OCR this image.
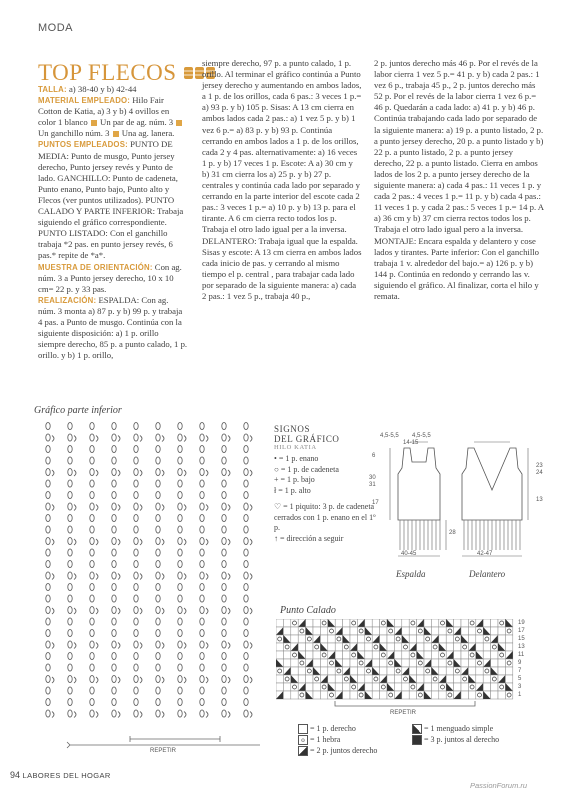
MODA
TOP FLECOS

TALLA: a) 38-40 y b) 42-44

MATERIAL EMPLEADO: Hilo Fair Cotton de Katia, a) 3 y b) 4 ovillos en color 1 blanco  Un par de ag. núm. 3  Un ganchillo núm. 3  Una ag. lanera.

PUNTOS EMPLEADOS: PUNTO DE MEDIA: Punto de musgo, Punto jersey derecho, Punto jersey revés y Punto de lado. GANCHILLO: Punto de cadeneta, Punto enano, Punto bajo, Punto alto y Flecos (ver puntos utilizados). PUNTO CALADO Y PARTE INFERIOR: Trabaja siguiendo el gráfico correspondiente. PUNTO LISTADO: Con el ganchillo trabaja *2 pas. en punto jersey revés, 6 pas.* repite de *a*.

MUESTRA DE ORIENTACIÓN: Con ag. núm. 3 a Punto jersey derecho, 10 x 10 cm= 22 p. y 33 pas.

REALIZACIÓN: ESPALDA: Con ag. núm. 3 monta a) 87 p. y b) 99 p. y trabaja 4 pas. a Punto de musgo. Continúa con la siguiente disposición: a) 1 p. orillo siempre derecho, 85 p. a punto calado, 1 p. orillo. y b) 1 p. orillo,

siempre derecho, 97 p. a punto calado, 1 p. orillo. Al terminar el gráfico continúa a Punto jersey derecho y aumentando en ambos lados, a 1 p. de los orillos, cada 6 pas.: 3 veces 1 p.= a) 93 p. y b) 105 p. Sisas: A 13 cm cierra en ambos lados cada 2 pas.: a) 1 vez 5 p. y b) 1 vez 6 p.= a) 83 p. y b) 93 p. Continúa cerrando en ambos lados a 1 p. de los orillos, cada 2 y 4 pas. alternativamente: a) 16 veces 1 p. y b) 17 veces 1 p. Escote: A a) 30 cm y b) 31 cm cierra los a) 25 p. y b) 27 p. centrales y continúa cada lado por separado y cerrando en la parte interior del escote cada 2 pas.: 3 veces 1 p.= a) 10 p. y b) 13 p. para el tirante. A 6 cm cierra recto todos los p. Trabaja el otro lado igual per a la inversa. DELANTERO: Trabaja igual que la espalda. Sisas y escote: A 13 cm cierra en ambos lados cada inicio de pas. y cerrando al mismo tiempo el p. central , para trabajar cada lado por separado de la siguiente manera: a) cada 2 pas.: 1 vez 5 p., trabaja 40 p.,
2 p. juntos derecho más 46 p. Por el revés de la labor cierra 1 vez 5 p.= 41 p. y b) cada 2 pas.: 1 vez 6 p., trabaja 45 p., 2 p. juntos derecho más 52 p. Por el revés de la labor cierra 1 vez 6 p.= 46 p. Quedarán a cada lado: a) 41 p. y b) 46 p. Continúa trabajando cada lado por separado de la siguiente manera: a) 19 p. a punto listado, 2 p. a punto jersey derecho, 20 p. a punto listado y b) 22 p. a punto listado, 2 p. a punto jersey derecho, 22 p. a punto listado. Cierra en ambos lados de los 2 p. a punto jersey derecho de la siguiente manera: a) cada 4 pas.: 11 veces 1 p. y cada 2 pas.: 4 veces 1 p.= 11 p. y b) cada 4 pas.: 11 veces 1 p. y cada 2 pas.: 5 veces 1 p.= 14 p. A a) 36 cm y b) 37 cm cierra rectos todos los p. Trabaja el otro lado igual pero a la inversa. MONTAJE: Encara espalda y delantero y cose lados y tirantes. Parte inferior: Con el ganchillo trabaja 1 v. alrededor del bajo.= a) 126 p. y b) 144 p. Continúa en redondo y cerrando las v. siguiendo el gráfico. Al finalizar, corta el hilo y remata.
Gráfico parte inferior
REPETIR
SIGNOS
DEL GRÁFICO
HILO KATIA
• = 1 p. enano
○ = 1 p. de cadeneta
+ = 1 p. bajo
ł = 1 p. alto
♡ = 1 piquito: 3 p. de cadeneta cerrados con 1 p. enano en el 1º p.
↑ = dirección a seguir
4,5-5,5 4,5-5,5
14-15
6
30
31
17
23
24
13
28
40-45	42-47
Espalda	Delantero
Punto Calado
19
17
15
13
11
9
7
5
3
1
REPETIR
= 1 p. derecho
o = 1 hebra
= 2 p. juntos derecho
= 1 menguado simple
= 3 p. juntos al derecho
94 LABORES DEL HOGAR
PassionForum.ru
